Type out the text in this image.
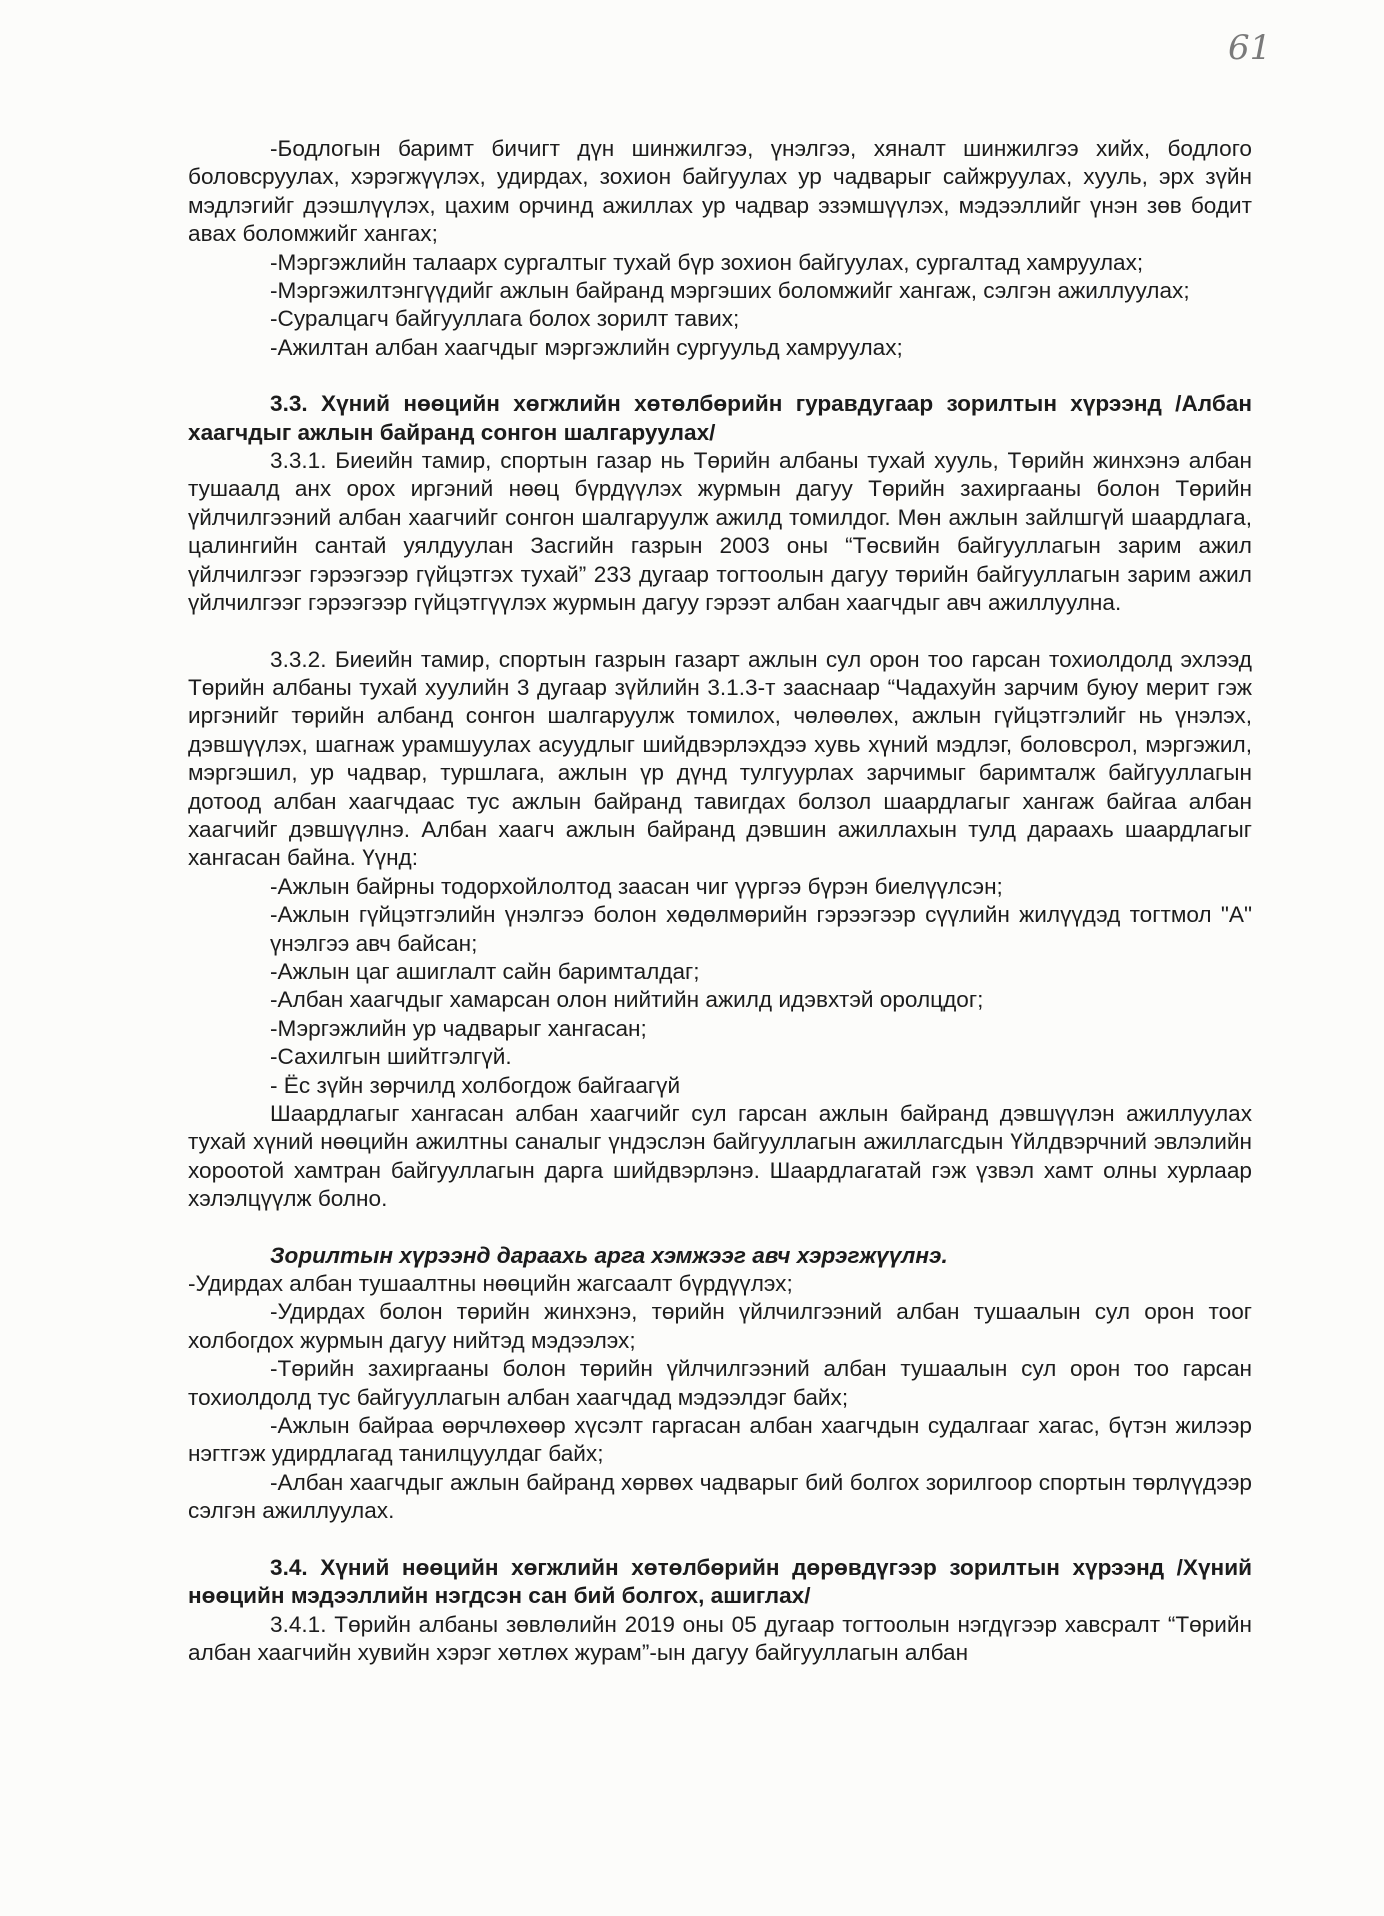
61
-Бодлогын баримт бичигт дүн шинжилгээ, үнэлгээ, хяналт шинжилгээ хийх, бодлого боловсруулах, хэрэгжүүлэх, удирдах, зохион байгуулах ур чадварыг сайжруулах, хууль, эрх зүйн мэдлэгийг дээшлүүлэх, цахим орчинд ажиллах ур чадвар эзэмшүүлэх, мэдээллийг үнэн зөв бодит авах боломжийг хангах;
-Мэргэжлийн талаарх сургалтыг тухай бүр зохион байгуулах, сургалтад хамруулах;
-Мэргэжилтэнгүүдийг ажлын байранд мэргэших боломжийг хангаж, сэлгэн ажиллуулах;
-Суралцагч байгууллага болох зорилт тавих;
-Ажилтан албан хаагчдыг мэргэжлийн сургуульд хамруулах;
3.3. Хүний нөөцийн хөгжлийн хөтөлбөрийн гуравдугаар зорилтын хүрээнд /Албан хаагчдыг ажлын байранд сонгон шалгаруулах/
3.3.1. Биеийн тамир, спортын газар нь Төрийн албаны тухай хууль, Төрийн жинхэнэ албан тушаалд анх орох иргэний нөөц бүрдүүлэх журмын дагуу Төрийн захиргааны болон Төрийн үйлчилгээний албан хаагчийг сонгон шалгаруулж ажилд томилдог. Мөн ажлын зайлшгүй шаардлага, цалингийн сантай уялдуулан Засгийн газрын 2003 оны “Төсвийн байгууллагын зарим ажил үйлчилгээг гэрээгээр гүйцэтгэх тухай” 233 дугаар тогтоолын дагуу төрийн байгууллагын зарим ажил үйлчилгээг гэрээгээр гүйцэтгүүлэх журмын дагуу гэрээт албан хаагчдыг авч ажиллуулна.
3.3.2. Биеийн тамир, спортын газрын газарт ажлын сул орон тоо гарсан тохиолдолд эхлээд Төрийн албаны тухай хуулийн 3 дугаар зүйлийн 3.1.3-т зааснаар “Чадахуйн зарчим буюу мерит гэж иргэнийг төрийн албанд сонгон шалгаруулж томилох, чөлөөлөх, ажлын гүйцэтгэлийг нь үнэлэх, дэвшүүлэх, шагнаж урамшуулах асуудлыг шийдвэрлэхдээ хувь хүний мэдлэг, боловсрол, мэргэжил, мэргэшил, ур чадвар, туршлага, ажлын үр дүнд тулгуурлах зарчимыг баримталж байгууллагын дотоод албан хаагчдаас тус ажлын байранд тавигдах болзол шаардлагыг хангаж байгаа албан хаагчийг дэвшүүлнэ. Албан хаагч ажлын байранд дэвшин ажиллахын тулд дараахь шаардлагыг хангасан байна. Үүнд:
-Ажлын байрны тодорхойлолтод заасан чиг үүргээ бүрэн биелүүлсэн;
-Ажлын гүйцэтгэлийн үнэлгээ болон хөдөлмөрийн гэрээгээр сүүлийн жилүүдэд тогтмол "А" үнэлгээ авч байсан;
-Ажлын цаг ашиглалт сайн баримталдаг;
-Албан хаагчдыг хамарсан олон нийтийн ажилд идэвхтэй оролцдог;
-Мэргэжлийн ур чадварыг хангасан;
-Сахилгын шийтгэлгүй.
- Ёс зүйн зөрчилд холбогдож байгаагүй
Шаардлагыг хангасан албан хаагчийг сул гарсан ажлын байранд дэвшүүлэн ажиллуулах тухай хүний нөөцийн ажилтны саналыг үндэслэн байгууллагын ажиллагсдын Үйлдвэрчний эвлэлийн хороотой хамтран байгууллагын дарга шийдвэрлэнэ. Шаардлагатай гэж үзвэл хамт олны хурлаар хэлэлцүүлж болно.
Зорилтын хүрээнд дараахь арга хэмжээг авч хэрэгжүүлнэ.
-Удирдах албан тушаалтны нөөцийн жагсаалт бүрдүүлэх;
-Удирдах болон төрийн жинхэнэ, төрийн үйлчилгээний албан тушаалын сул орон тоог холбогдох журмын дагуу нийтэд мэдээлэх;
-Төрийн захиргааны болон төрийн үйлчилгээний албан тушаалын сул орон тоо гарсан тохиолдолд тус байгууллагын албан хаагчдад мэдээлдэг байх;
-Ажлын байраа өөрчлөхөөр хүсэлт гаргасан албан хаагчдын судалгааг хагас, бүтэн жилээр нэгтгэж удирдлагад танилцуулдаг байх;
-Албан хаагчдыг ажлын байранд хөрвөх чадварыг бий болгох зорилгоор спортын төрлүүдээр сэлгэн ажиллуулах.
3.4. Хүний нөөцийн хөгжлийн хөтөлбөрийн дөрөвдүгээр зорилтын хүрээнд /Хүний нөөцийн мэдээллийн нэгдсэн сан бий болгох, ашиглах/
3.4.1. Төрийн албаны зөвлөлийн 2019 оны 05 дугаар тогтоолын нэгдүгээр хавсралт “Төрийн албан хаагчийн хувийн хэрэг хөтлөх журам”-ын дагуу байгууллагын албан
